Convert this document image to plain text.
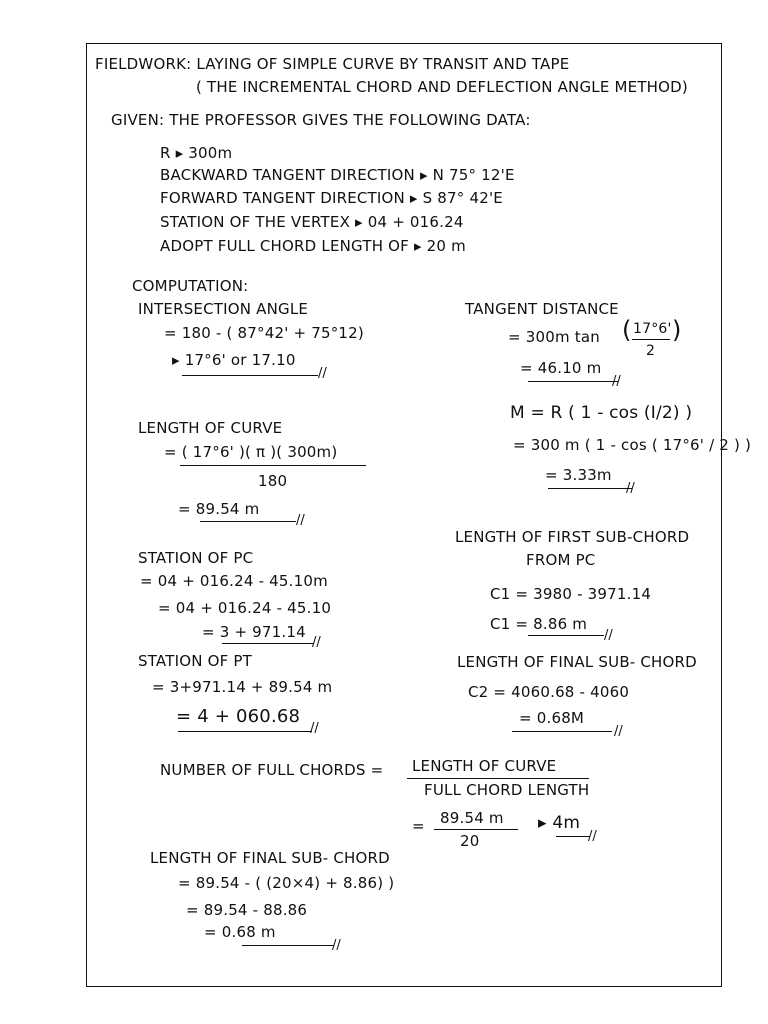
FIELDWORK: LAYING OF SIMPLE CURVE BY TRANSIT AND TAPE
( THE INCREMENTAL CHORD AND DEFLECTION ANGLE METHOD)
GIVEN: THE PROFESSOR GIVES THE FOLLOWING DATA:
R ▸ 300m
BACKWARD TANGENT DIRECTION ▸ N 75° 12'E
FORWARD TANGENT DIRECTION ▸ S 87° 42'E
STATION OF THE VERTEX ▸ 04 + 016.24
ADOPT FULL CHORD LENGTH OF ▸ 20 m
COMPUTATION:
INTERSECTION ANGLE
= 180 - ( 87°42' + 75°12)
▸ 17°6' or 17.10
//
TANGENT DISTANCE
= 300m tan ( 17°6'
2
)
= 46.10 m
//
M = R ( 1 - cos (I/2) )
= 300 m ( 1 - cos ( 17°6' / 2 ) )
= 3.33m
//
LENGTH OF CURVE
= ( 17°6' )( π )( 300m)
180
= 89.54 m
//
LENGTH OF FIRST SUB-CHORD
FROM PC
C1 = 3980 - 3971.14
C1 = 8.86 m
//
STATION OF PC
= 04 + 016.24 - 45.10m
= 04 + 016.24 - 45.10
= 3 + 971.14
//
STATION OF PT
= 3+971.14 + 89.54 m
= 4 + 060.68
//
LENGTH OF FINAL SUB- CHORD
C2 = 4060.68 - 4060
= 0.68M
//
NUMBER OF FULL CHORDS = LENGTH OF CURVE
FULL CHORD LENGTH
= 89.54 m
20
▸ 4m
//
LENGTH OF FINAL SUB- CHORD
= 89.54 - ( (20×4) + 8.86) )
= 89.54 - 88.86
= 0.68 m
//
